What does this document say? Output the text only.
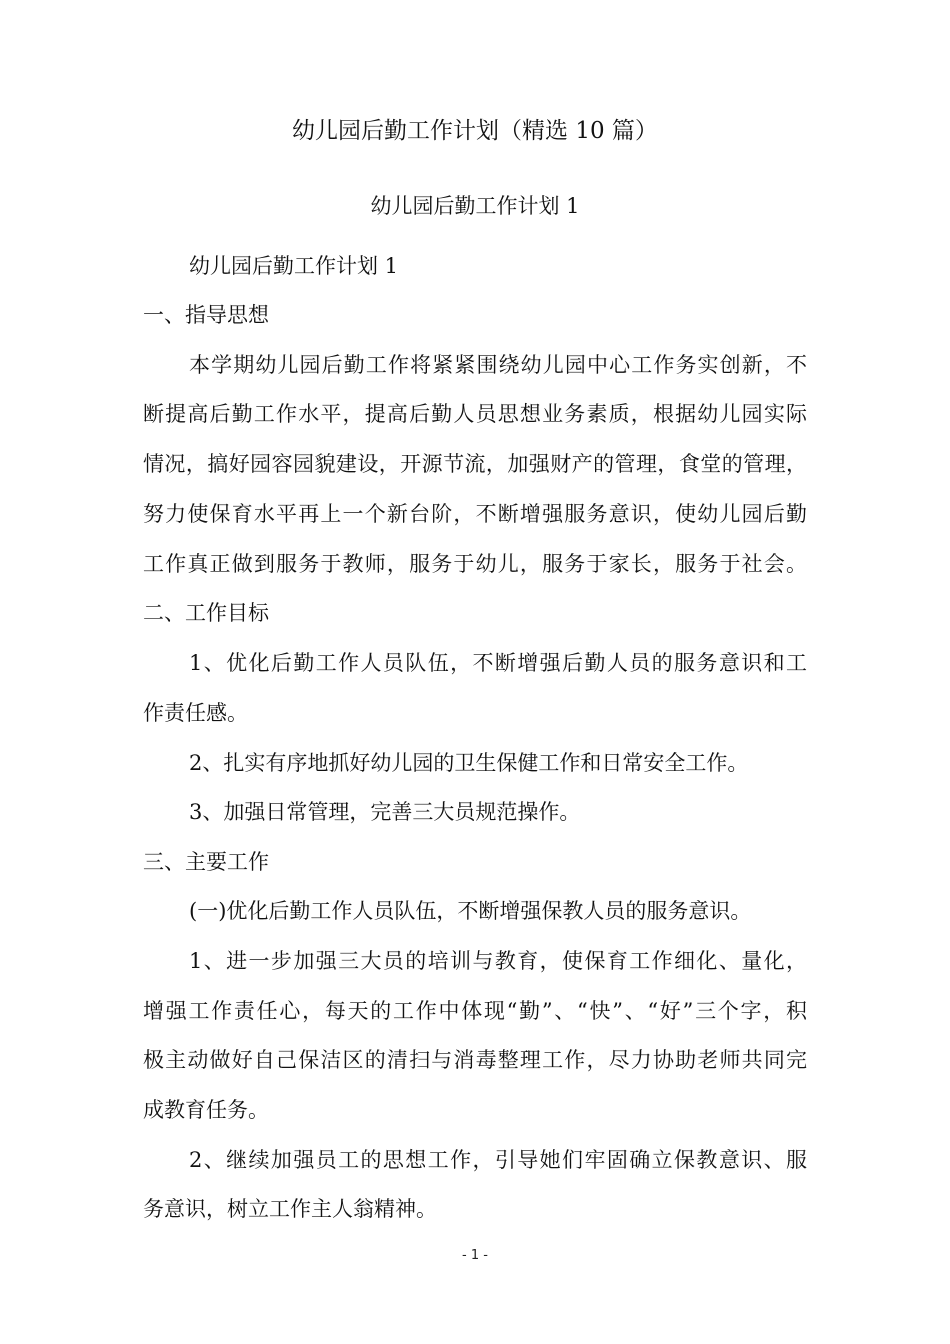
幼儿园后勤工作计划（精选 10 篇）
幼儿园后勤工作计划 1
幼儿园后勤工作计划 1
一、指导思想
本学期幼儿园后勤工作将紧紧围绕幼儿园中心工作务实创新，不
断提高后勤工作水平，提高后勤人员思想业务素质，根据幼儿园实际
情况，搞好园容园貌建设，开源节流，加强财产的管理，食堂的管理，
努力使保育水平再上一个新台阶，不断增强服务意识，使幼儿园后勤
工作真正做到服务于教师，服务于幼儿，服务于家长，服务于社会。
二、工作目标
1、优化后勤工作人员队伍，不断增强后勤人员的服务意识和工
作责任感。
2、扎实有序地抓好幼儿园的卫生保健工作和日常安全工作。
3、加强日常管理，完善三大员规范操作。
三、主要工作
(一)优化后勤工作人员队伍，不断增强保教人员的服务意识。
1、进一步加强三大员的培训与教育，使保育工作细化、量化，
增强工作责任心，每天的工作中体现“勤”、“快”、“好”三个字，积
极主动做好自己保洁区的清扫与消毒整理工作，尽力协助老师共同完
成教育任务。
2、继续加强员工的思想工作，引导她们牢固确立保教意识、服
务意识，树立工作主人翁精神。
- 1 -
